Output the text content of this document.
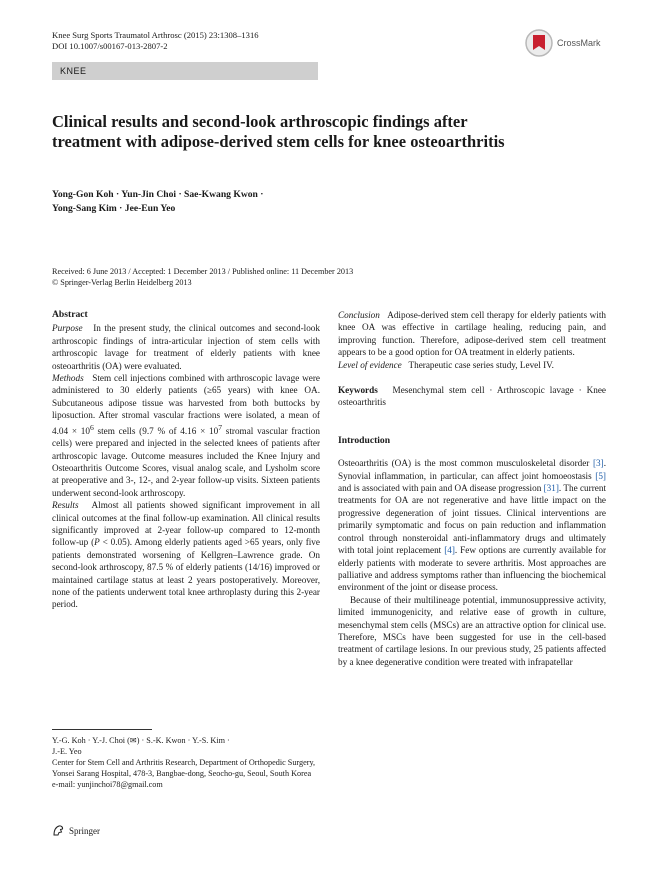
Knee Surg Sports Traumatol Arthrosc (2015) 23:1308–1316
DOI 10.1007/s00167-013-2807-2	CrossMark
KNEE
Clinical results and second-look arthroscopic findings after treatment with adipose-derived stem cells for knee osteoarthritis
Yong-Gon Koh · Yun-Jin Choi · Sae-Kwang Kwon ·
Yong-Sang Kim · Jee-Eun Yeo
Received: 6 June 2013 / Accepted: 1 December 2013 / Published online: 11 December 2013
© Springer-Verlag Berlin Heidelberg 2013
Abstract

Purpose In the present study, the clinical outcomes and second-look arthroscopic findings of intra-articular injection of stem cells with arthroscopic lavage for treatment of elderly patients with knee osteoarthritis (OA) were evaluated.

Methods Stem cell injections combined with arthroscopic lavage were administered to 30 elderly patients (≥65 years) with knee OA. Subcutaneous adipose tissue was harvested from both buttocks by liposuction. After stromal vascular fractions were isolated, a mean of $4.04 \times 10^6$ stem cells (9.7 % of $4.16 \times 10^7$ stromal vascular fraction cells) were prepared and injected in the selected knees of patients after arthroscopic lavage. Outcome measures included the Knee Injury and Osteoarthritis Outcome Scores, visual analog scale, and Lysholm score at preoperative and 3-, 12-, and 2-year follow-up visits. Sixteen patients underwent second-look arthroscopy.

Results Almost all patients showed significant improvement in all clinical outcomes at the final follow-up examination. All clinical results significantly improved at 2-year follow-up compared to 12-month follow-up (P < 0.05). Among elderly patients aged >65 years, only five patients demonstrated worsening of Kellgren–Lawrence grade. On second-look arthroscopy, 87.5 % of elderly patients (14/16) improved or maintained cartilage status at least 2 years postoperatively. Moreover, none of the patients underwent total knee arthroplasty during this 2-year period.

Y.-G. Koh · Y.-J. Choi (✉) · S.-K. Kwon · Y.-S. Kim ·
J.-E. Yeo
Center for Stem Cell and Arthritis Research, Department of Orthopedic Surgery, Yonsei Sarang Hospital, 478-3, Bangbae-dong, Seocho-gu, Seoul, South Korea
e-mail: yunjinchoi78@gmail.com

Conclusion Adipose-derived stem cell therapy for elderly patients with knee OA was effective in cartilage healing, reducing pain, and improving function. Therefore, adipose-derived stem cell treatment appears to be a good option for OA treatment in elderly patients.

Level of evidence Therapeutic case series study, Level IV.

Keywords Mesenchymal stem cell · Arthroscopic lavage · Knee osteoarthritis

Introduction

Osteoarthritis (OA) is the most common musculoskeletal disorder [3]. Synovial inflammation, in particular, can affect joint homoeostasis [5] and is associated with pain and OA disease progression [31]. The current treatments for OA are not regenerative and have little impact on the progressive degeneration of joint tissues. Clinical interventions are primarily symptomatic and focus on pain reduction and inflammation control through nonsteroidal anti-inflammatory drugs and ultimately with total joint replacement [4]. Few options are currently available for elderly patients with moderate to severe arthritis. Most approaches are palliative and address symptoms rather than influencing the biochemical environment of the joint or disease process.

Because of their multilineage potential, immunosuppressive activity, limited immunogenicity, and relative ease of growth in culture, mesenchymal stem cells (MSCs) are an attractive option for clinical use. Therefore, MSCs have been suggested for use in the cell-based treatment of cartilage lesions. In our previous study, 25 patients affected by a knee degenerative condition were treated with infrapatellar

Springer
